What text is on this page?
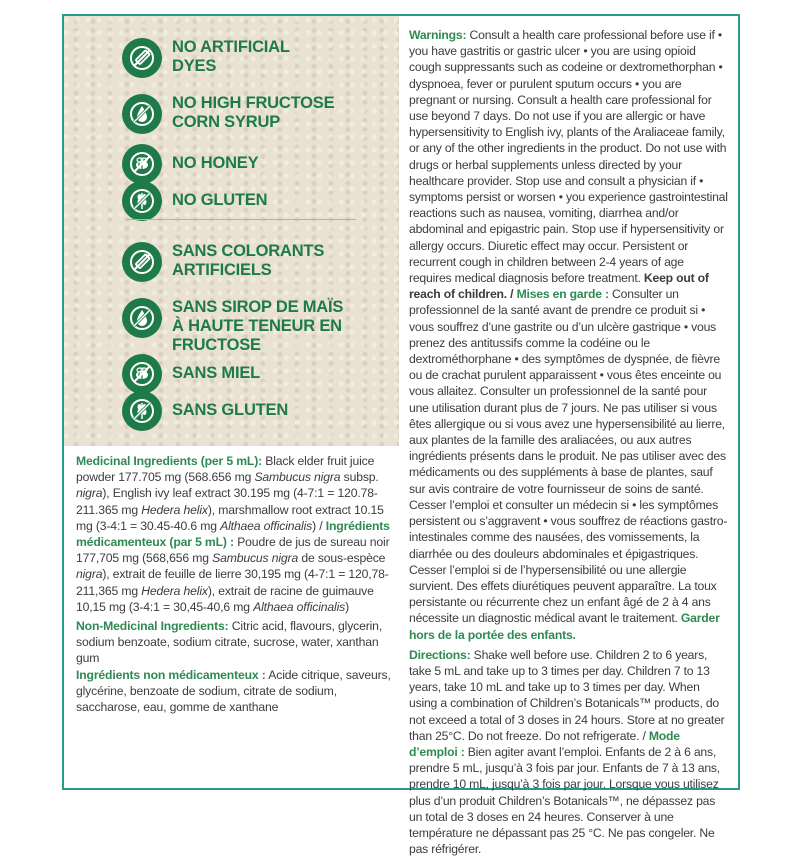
NO ARTIFICIAL
DYES
NO HIGH FRUCTOSE
CORN SYRUP
NO HONEY
NO GLUTEN
SANS COLORANTS
ARTIFICIELS
SANS SIROP DE MAÏS
À HAUTE TENEUR EN
FRUCTOSE
SANS MIEL
SANS GLUTEN

Medicinal Ingredients (per 5 mL): Black elder fruit juice powder 177.705 mg (568.656 mg Sambucus nigra subsp. nigra), English ivy leaf extract 30.195 mg (4-7:1 = 120.78-211.365 mg Hedera helix), marshmallow root extract 10.15 mg (3-4:1 = 30.45-40.6 mg Althaea officinalis) / Ingrédients médicamenteux (par 5 mL) : Poudre de jus de sureau noir 177,705 mg (568,656 mg Sambucus nigra de sous-espèce nigra), extrait de feuille de lierre 30,195 mg (4-7:1 = 120,78-211,365 mg Hedera helix), extrait de racine de guimauve 10,15 mg (3-4:1 = 30,45-40,6 mg Althaea officinalis)

Non-Medicinal Ingredients: Citric acid, flavours, glycerin, sodium benzoate, sodium citrate, sucrose, water, xanthan gum
Ingrédients non médicamenteux : Acide citrique, saveurs, glycérine, benzoate de sodium, citrate de sodium, saccharose, eau, gomme de xanthane

Warnings: Consult a health care professional before use if • you have gastritis or gastric ulcer • you are using opioid cough suppressants such as codeine or dextromethorphan • dyspnoea, fever or purulent sputum occurs • you are pregnant or nursing. Consult a health care professional for use beyond 7 days. Do not use if you are allergic or have hypersensitivity to English ivy, plants of the Araliaceae family, or any of the other ingredients in the product. Do not use with drugs or herbal supplements unless directed by your healthcare provider. Stop use and consult a physician if • symptoms persist or worsen • you experience gastrointestinal reactions such as nausea, vomiting, diarrhea and/or abdominal and epigastric pain. Stop use if hypersensitivity or allergy occurs. Diuretic effect may occur. Persistent or recurrent cough in children between 2-4 years of age requires medical diagnosis before treatment. Keep out of reach of children. / Mises en garde : Consulter un professionnel de la santé avant de prendre ce produit si • vous souffrez d’une gastrite ou d’un ulcère gastrique • vous prenez des antitussifs comme la codéine ou le dextrométhorphane • des symptômes de dyspnée, de fièvre ou de crachat purulent apparaissent • vous êtes enceinte ou vous allaitez. Consulter un professionnel de la santé pour une utilisation durant plus de 7 jours. Ne pas utiliser si vous êtes allergique ou si vous avez une hypersensibilité au lierre, aux plantes de la famille des araliacées, ou aux autres ingrédients présents dans le produit. Ne pas utiliser avec des médicaments ou des suppléments à base de plantes, sauf sur avis contraire de votre fournisseur de soins de santé. Cesser l’emploi et consulter un médecin si • les symptômes persistent ou s’aggravent • vous souffrez de réactions gastro-intestinales comme des nausées, des vomissements, la diarrhée ou des douleurs abdominales et épigastriques. Cesser l’emploi si de l’hypersensibilité ou une allergie survient. Des effets diurétiques peuvent apparaître. La toux persistante ou récurrente chez un enfant âgé de 2 à 4 ans nécessite un diagnostic médical avant le traitement. Garder hors de la portée des enfants.

Directions: Shake well before use. Children 2 to 6 years, take 5 mL and take up to 3 times per day. Children 7 to 13 years, take 10 mL and take up to 3 times per day. When using a combination of Children’s Botanicals™ products, do not exceed a total of 3 doses in 24 hours. Store at no greater than 25°C. Do not freeze. Do not refrigerate. / Mode d’emploi : Bien agiter avant l’emploi. Enfants de 2 à 6 ans, prendre 5 mL, jusqu’à 3 fois par jour. Enfants de 7 à 13 ans, prendre 10 mL, jusqu’à 3 fois par jour. Lorsque vous utilisez plus d’un produit Children’s Botanicals™, ne dépassez pas un total de 3 doses en 24 heures. Conserver à une température ne dépassant pas 25 °C. Ne pas congeler. Ne pas réfrigérer.
